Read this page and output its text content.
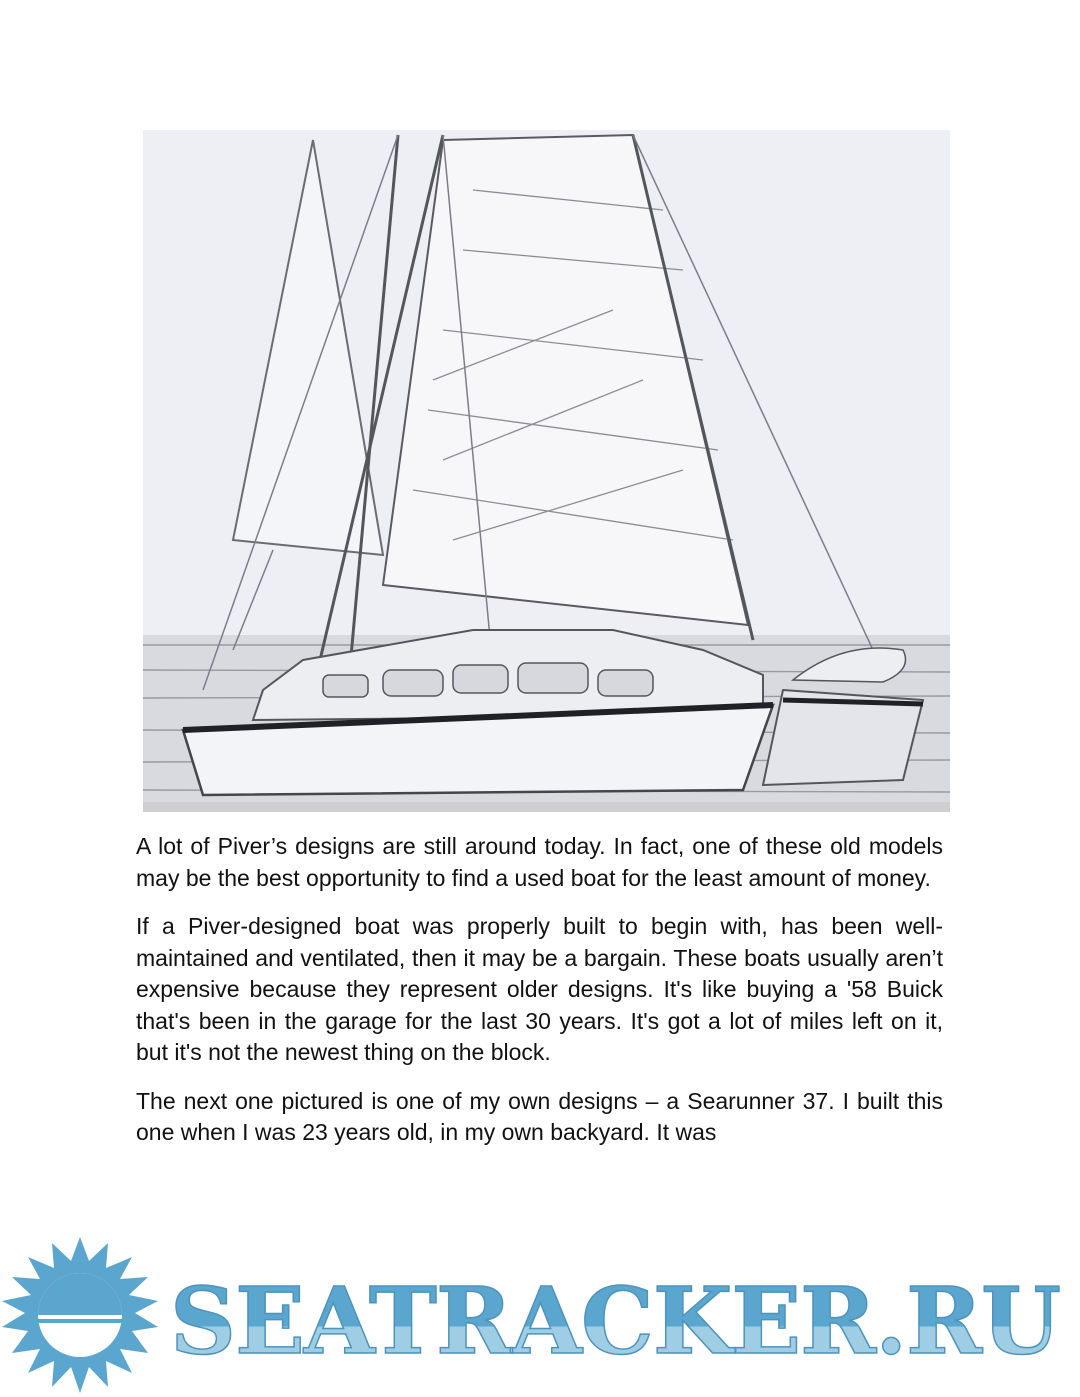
A lot of Piver’s designs are still around today. In fact, one of these old models may be the best opportunity to find a used boat for the least amount of money.

If a Piver-designed boat was properly built to begin with, has been well-maintained and ventilated, then it may be a bargain. These boats usually aren’t expensive because they represent older designs. It's like buying a '58 Buick that's been in the garage for the last 30 years. It's got a lot of miles left on it, but it's not the newest thing on the block.

The next one pictured is one of my own designs – a Searunner 37. I built this one when I was 23 years old, in my own backyard. It was

SEATRACKER.RU
